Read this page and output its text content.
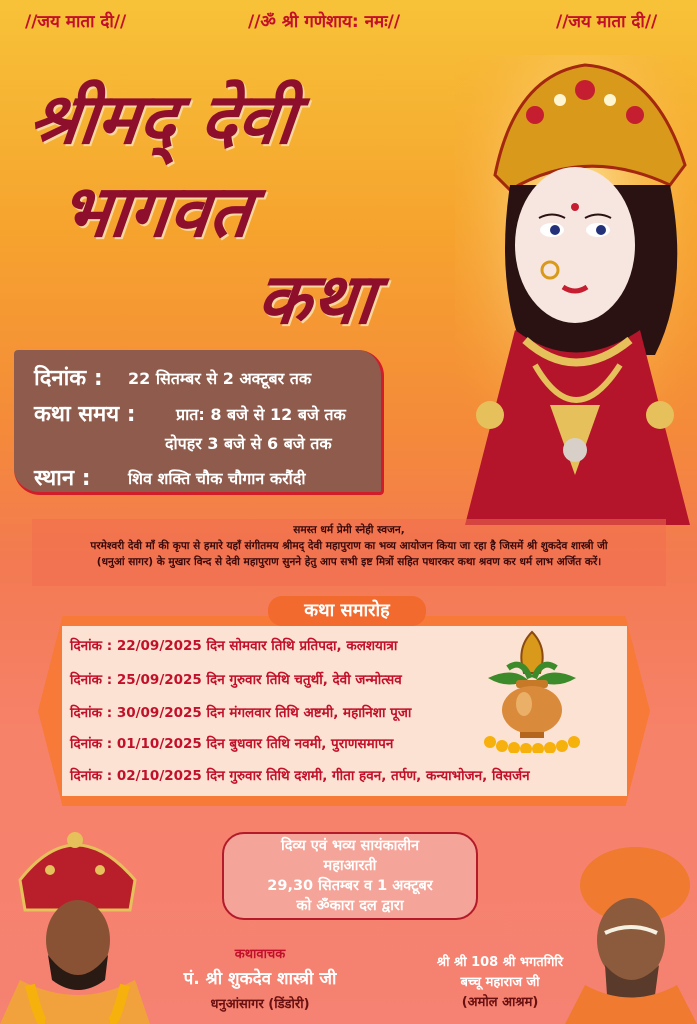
//जय माता दी//	//ॐ श्री गणेशाय: नमः//	//जय माता दी//
श्रीमद् देवी
भागवत
कथा
दिनांक : 22 सितम्बर से 2 अक्टूबर तक
कथा समय :	प्रात: 8 बजे से 12 बजे तक
दोपहर 3 बजे से 6 बजे तक
स्थान : शिव शक्ति चौक चौगान करौंदी

समस्त धर्म प्रेमी स्नेही स्वजन,

परमेश्वरी देवी माँ की कृपा से हमारे यहाँ संगीतमय श्रीमद् देवी महापुराण का भव्य आयोजन किया जा रहा है जिसमें श्री शुकदेव शास्त्री जी

(धनुआं सागर) के मुखार विन्द से देवी महापुराण सुनने हेतु आप सभी इष्ट मित्रों सहित पधारकर कथा श्रवण कर धर्म लाभ अर्जित करें।

कथा समारोह
दिनांक : 22/09/2025 दिन सोमवार तिथि प्रतिपदा, कलशयात्रा
दिनांक : 25/09/2025 दिन गुरुवार तिथि चतुर्थी, देवी जन्मोत्सव
दिनांक : 30/09/2025 दिन मंगलवार तिथि अष्टमी, महानिशा पूजा
दिनांक : 01/10/2025 दिन बुधवार तिथि नवमी, पुराणसमापन
दिनांक : 02/10/2025 दिन गुरुवार तिथि दशमी, गीता हवन, तर्पण, कन्याभोजन, विसर्जन
दिव्य एवं भव्य सायंकालीन
महाआरती
29,30 सितम्बर व 1 अक्टूबर
को ॐकारा दल द्वारा
कथावाचक
पं. श्री शुकदेव शास्त्री जी
धनुआंसागर (डिंडोरी)
श्री श्री 108 श्री भगतगिरि
बच्चू महाराज जी
(अमोल आश्रम)
